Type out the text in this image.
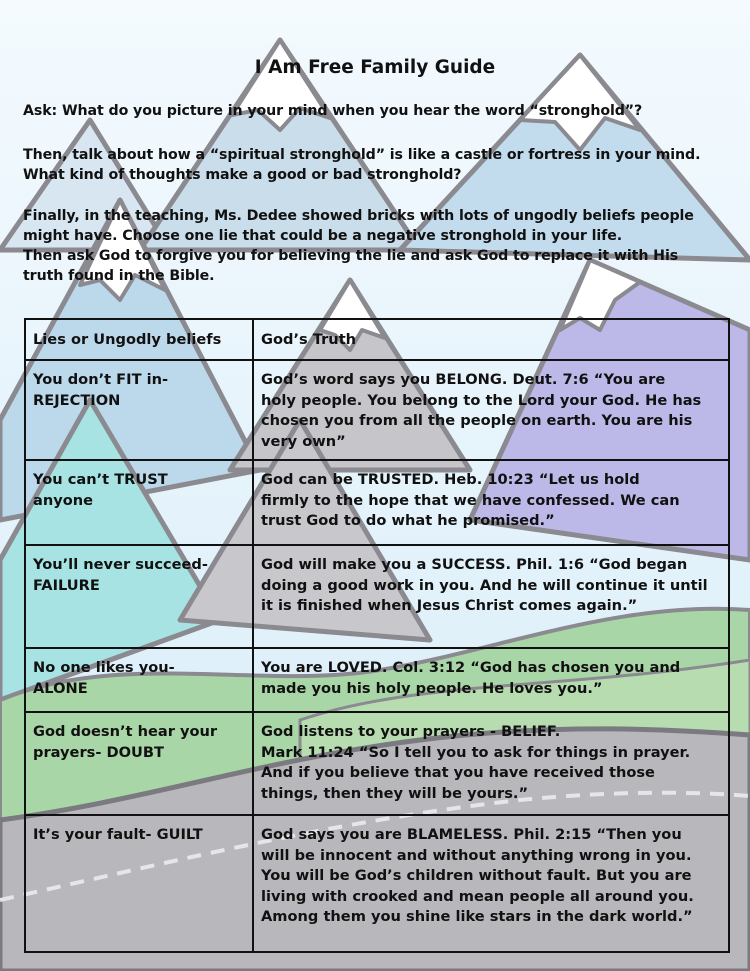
I Am Free Family Guide
Ask: What do you picture in your mind when you hear the word “stronghold”?
Then, talk about how a “spiritual stronghold” is like a castle or fortress in your mind.
What kind of thoughts make a good or bad stronghold?
Finally, in the teaching, Ms. Dedee showed bricks with lots of ungodly beliefs people
might have. Choose one lie that could be a negative stronghold in your life.
Then ask God to forgive you for believing the lie and ask God to replace it with His
truth found in the Bible.
Lies or Ungodly beliefs	God’s Truth
You don’t FIT in-
REJECTION	God’s word says you BELONG. Deut. 7:6 “You are
holy people. You belong to the Lord your God. He has
chosen you from all the people on earth. You are his
very own”
You can’t TRUST
anyone	God can be TRUSTED. Heb. 10:23 “Let us hold
firmly to the hope that we have confessed. We can
trust God to do what he promised.”
You’ll never succeed-
FAILURE	God will make you a SUCCESS. Phil. 1:6 “God began
doing a good work in you. And he will continue it until
it is finished when Jesus Christ comes again.”
No one likes you-
ALONE	You are LOVED. Col. 3:12 “God has chosen you and
made you his holy people. He loves you.”
God doesn’t hear your
prayers- DOUBT	God listens to your prayers - BELIEF.
Mark 11:24 “So I tell you to ask for things in prayer.
And if you believe that you have received those
things, then they will be yours.”
It’s your fault- GUILT	God says you are BLAMELESS. Phil. 2:15 “Then you
will be innocent and without anything wrong in you.
You will be God’s children without fault. But you are
living with crooked and mean people all around you.
Among them you shine like stars in the dark world.”
